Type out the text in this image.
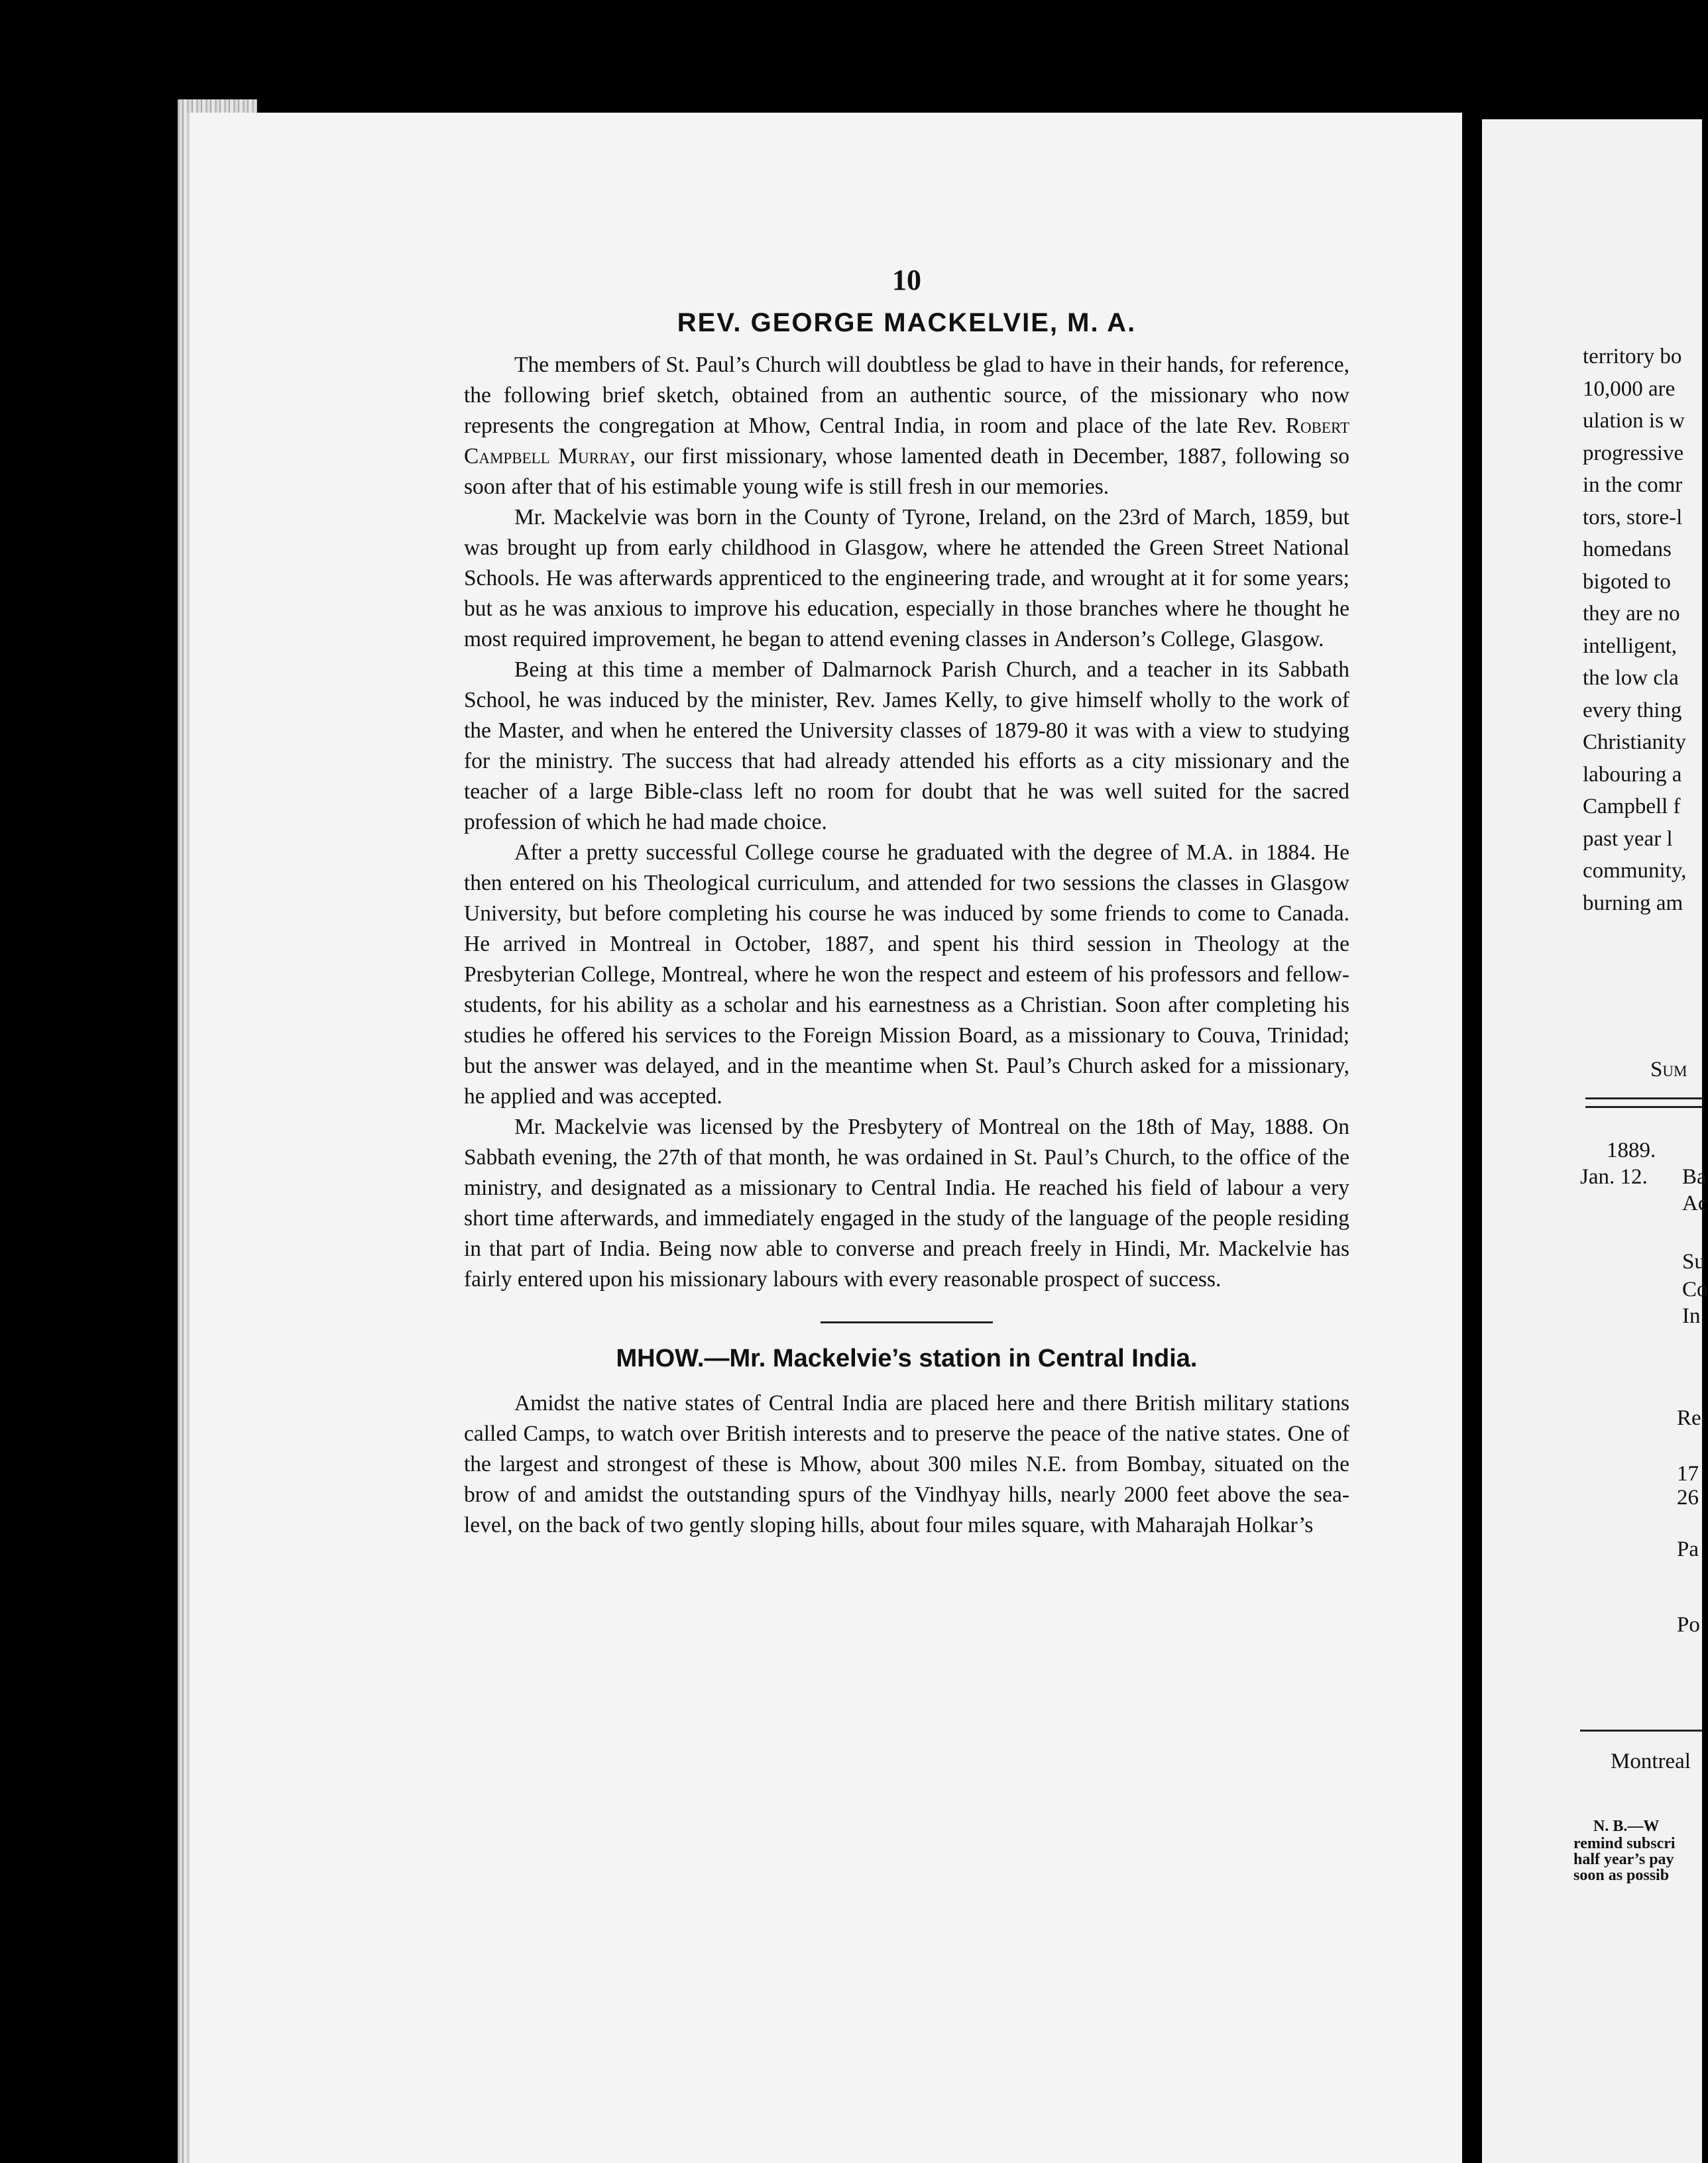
10
REV. GEORGE MACKELVIE, M. A.

The members of St. Paul’s Church will doubtless be glad to have in their hands, for reference, the following brief sketch, obtained from an authentic source, of the missionary who now represents the congregation at Mhow, Central India, in room and place of the late Rev. Robert Campbell Murray, our first missionary, whose lamented death in December, 1887, following so soon after that of his estimable young wife is still fresh in our memories.

Mr. Mackelvie was born in the County of Tyrone, Ireland, on the 23rd of March, 1859, but was brought up from early childhood in Glasgow, where he attended the Green Street National Schools. He was afterwards apprenticed to the engineering trade, and wrought at it for some years; but as he was anxious to improve his education, especially in those branches where he thought he most required improvement, he began to attend evening classes in Anderson’s College, Glasgow.

Being at this time a member of Dalmarnock Parish Church, and a teacher in its Sabbath School, he was induced by the minister, Rev. James Kelly, to give himself wholly to the work of the Master, and when he entered the University classes of 1879-80 it was with a view to studying for the ministry. The success that had already attended his efforts as a city missionary and the teacher of a large Bible-class left no room for doubt that he was well suited for the sacred profession of which he had made choice.

After a pretty successful College course he graduated with the degree of M.A. in 1884. He then entered on his Theological curriculum, and attended for two sessions the classes in Glasgow University, but before completing his course he was induced by some friends to come to Canada. He arrived in Montreal in October, 1887, and spent his third session in Theology at the Presbyterian College, Montreal, where he won the respect and esteem of his professors and fellow-students, for his ability as a scholar and his earnestness as a Christian. Soon after completing his studies he offered his services to the Foreign Mission Board, as a missionary to Couva, Trinidad; but the answer was delayed, and in the meantime when St. Paul’s Church asked for a missionary, he applied and was accepted.

Mr. Mackelvie was licensed by the Presbytery of Montreal on the 18th of May, 1888. On Sabbath evening, the 27th of that month, he was ordained in St. Paul’s Church, to the office of the ministry, and designated as a missionary to Central India. He reached his field of labour a very short time afterwards, and immediately engaged in the study of the language of the people residing in that part of India. Being now able to converse and preach freely in Hindi, Mr. Mackelvie has fairly entered upon his missionary labours with every reasonable prospect of success.

MHOW.—Mr. Mackelvie’s station in Central India.

Amidst the native states of Central India are placed here and there British military stations called Camps, to watch over British interests and to preserve the peace of the native states. One of the largest and strongest of these is Mhow, about 300 miles N.E. from Bombay, situated on the brow of and amidst the outstanding spurs of the Vindhyay hills, nearly 2000 feet above the sea-level, on the back of two gently sloping hills, about four miles square, with Maharajah Holkar’s

territory bo
10,000 are
ulation is w
progressive
in the comr
tors, store-l
homedans
bigoted to
they are no
intelligent,
the low cla
every thing
Christianity
labouring a
Campbell f
past year l
community,
burning am
Sum
1889.
Jan. 12. Ba
Ac
Su
Co
In
Re
17
26
Pa
Po
Montreal
N. B.—W
remind subscri
half year’s pay
soon as possib
